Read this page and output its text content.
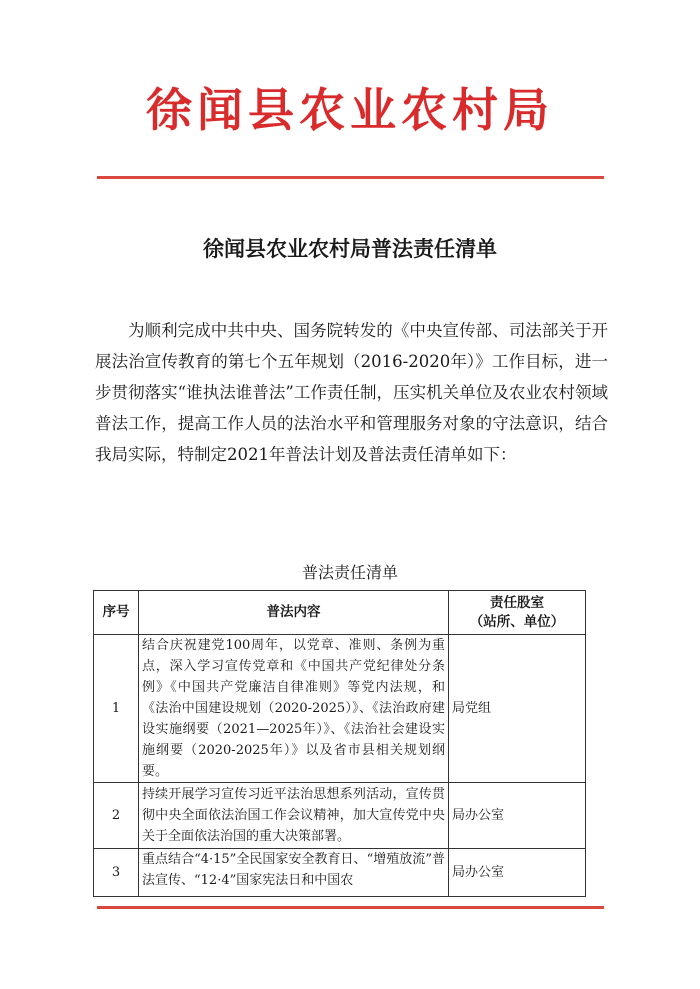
徐闻县农业农村局
徐闻县农业农村局普法责任清单

为顺利完成中共中央、国务院转发的《中央宣传部、司法部关于开展法治宣传教育的第七个五年规划（2016-2020年）》工作目标，进一步贯彻落实“谁执法谁普法”工作责任制，压实机关单位及农业农村领域普法工作，提高工作人员的法治水平和管理服务对象的守法意识，结合我局实际，特制定2021年普法计划及普法责任清单如下：

普法责任清单
序号	普法内容	责任股室
（站所、单位）

1	结合庆祝建党100周年，以党章、准则、条例为重点，深入学习宣传党章和《中国共产党纪律处分条例》《中国共产党廉洁自律准则》等党内法规，和《法治中国建设规划（2020-2025）》、《法治政府建设实施纲要（2021—2025年）》、《法治社会建设实施纲要（2020-2025年）》以及省市县相关规划纲要。	局党组
2	持续开展学习宣传习近平法治思想系列活动，宣传贯彻中央全面依法治国工作会议精神，加大宣传党中央关于全面依法治国的重大决策部署。	局办公室
3	重点结合“4·15”全民国家安全教育日、“增殖放流”普法宣传、“12·4”国家宪法日和中国农	局办公室
